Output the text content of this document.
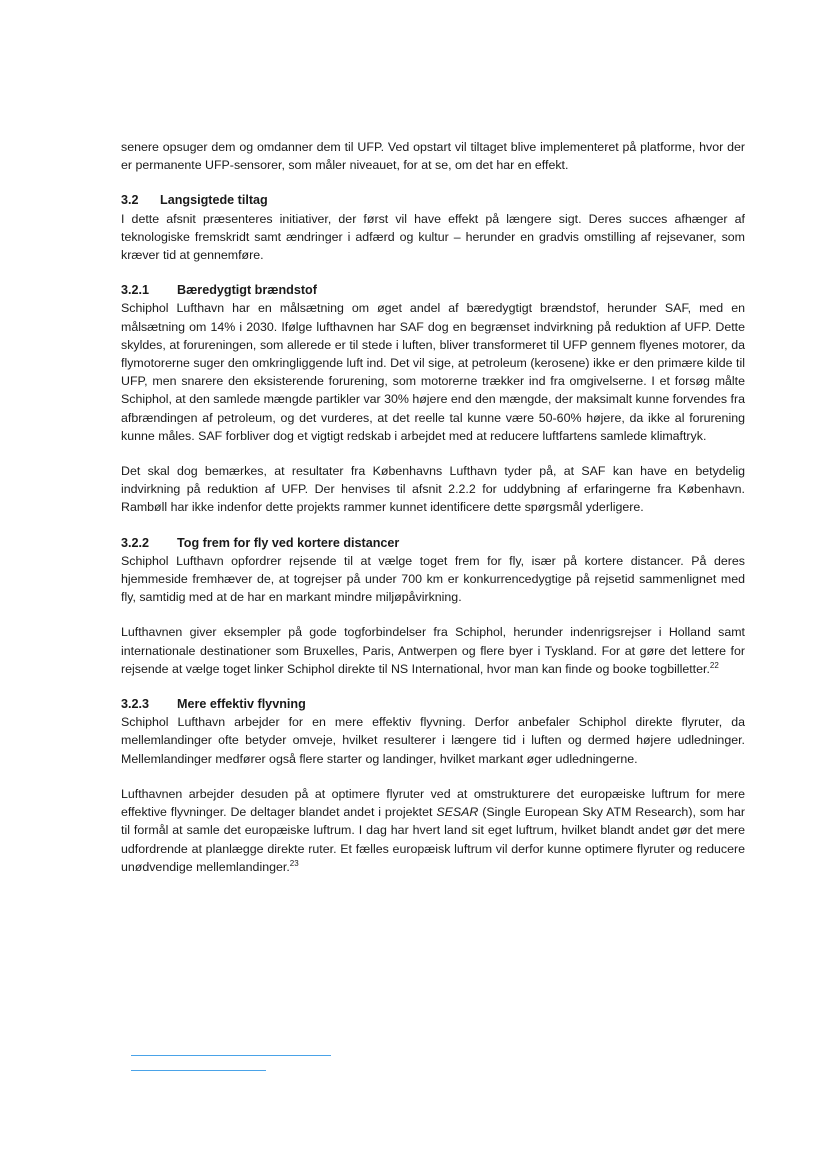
senere opsuger dem og omdanner dem til UFP. Ved opstart vil tiltaget blive implementeret på platforme, hvor der er permanente UFP-sensorer, som måler niveauet, for at se, om det har en effekt.

3.2	Langsigtede tiltag

I dette afsnit præsenteres initiativer, der først vil have effekt på længere sigt. Deres succes afhænger af teknologiske fremskridt samt ændringer i adfærd og kultur – herunder en gradvis omstilling af rejsevaner, som kræver tid at gennemføre.

3.2.1	Bæredygtigt brændstof

Schiphol Lufthavn har en målsætning om øget andel af bæredygtigt brændstof, herunder SAF, med en målsætning om 14% i 2030. Ifølge lufthavnen har SAF dog en begrænset indvirkning på reduktion af UFP. Dette skyldes, at forureningen, som allerede er til stede i luften, bliver transformeret til UFP gennem flyenes motorer, da flymotorerne suger den omkringliggende luft ind. Det vil sige, at petroleum (kerosene) ikke er den primære kilde til UFP, men snarere den eksisterende forurening, som motorerne trækker ind fra omgivelserne. I et forsøg målte Schiphol, at den samlede mængde partikler var 30% højere end den mængde, der maksimalt kunne forvendes fra afbrændingen af petroleum, og det vurderes, at det reelle tal kunne være 50-60% højere, da ikke al forurening kunne måles. SAF forbliver dog et vigtigt redskab i arbejdet med at reducere luftfartens samlede klimaftryk.

Det skal dog bemærkes, at resultater fra Københavns Lufthavn tyder på, at SAF kan have en betydelig indvirkning på reduktion af UFP. Der henvises til afsnit 2.2.2 for uddybning af erfaringerne fra København. Rambøll har ikke indenfor dette projekts rammer kunnet identificere dette spørgsmål yderligere.

3.2.2	Tog frem for fly ved kortere distancer

Schiphol Lufthavn opfordrer rejsende til at vælge toget frem for fly, især på kortere distancer. På deres hjemmeside fremhæver de, at togrejser på under 700 km er konkurrencedygtige på rejsetid sammenlignet med fly, samtidig med at de har en markant mindre miljøpåvirkning.

Lufthavnen giver eksempler på gode togforbindelser fra Schiphol, herunder indenrigsrejser i Holland samt internationale destinationer som Bruxelles, Paris, Antwerpen og flere byer i Tyskland. For at gøre det lettere for rejsende at vælge toget linker Schiphol direkte til NS International, hvor man kan finde og booke togbilletter.$^{22}$

3.2.3	Mere effektiv flyvning

Schiphol Lufthavn arbejder for en mere effektiv flyvning. Derfor anbefaler Schiphol direkte flyruter, da mellemlandinger ofte betyder omveje, hvilket resulterer i længere tid i luften og dermed højere udledninger. Mellemlandinger medfører også flere starter og landinger, hvilket markant øger udledningerne.

Lufthavnen arbejder desuden på at optimere flyruter ved at omstrukturere det europæiske luftrum for mere effektive flyvninger. De deltager blandet andet i projektet SESAR (Single European Sky ATM Research), som har til formål at samle det europæiske luftrum. I dag har hvert land sit eget luftrum, hvilket blandt andet gør det mere udfordrende at planlægge direkte ruter. Et fælles europæisk luftrum vil derfor kunne optimere flyruter og reducere unødvendige mellemlandinger.$^{23}$
